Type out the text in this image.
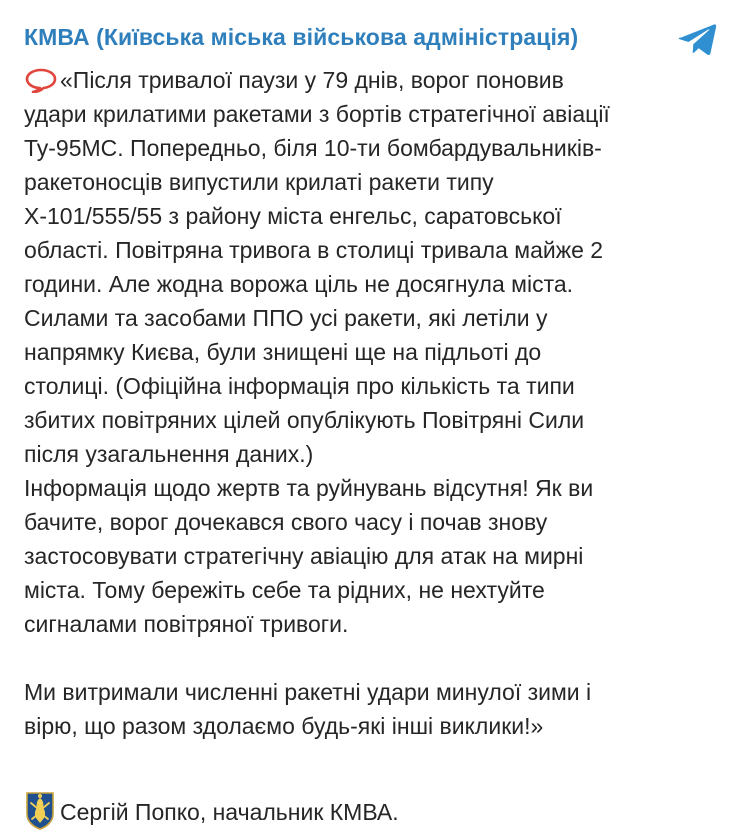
КМВА (Київська міська військова адміністрація)
«Після тривалої паузи у 79 днів, ворог поновив
удари крилатими ракетами з бортів стратегічної авіації
Ту-95МС. Попередньо, біля 10-ти бомбардувальників-
ракетоносців випустили крилаті ракети типу
Х-101/555/55 з району міста енгельс, саратовської
області. Повітряна тривога в столиці тривала майже 2
години. Але жодна ворожа ціль не досягнула міста.
Силами та засобами ППО усі ракети, які летіли у
напрямку Києва, були знищені ще на підльоті до
столиці. (Офіційна інформація про кількість та типи
збитих повітряних цілей опублікують Повітряні Сили
після узагальнення даних.)
Інформація щодо жертв та руйнувань відсутня! Як ви
бачите, ворог дочекався свого часу і почав знову
застосовувати стратегічну авіацію для атак на мирні
міста. Тому бережіть себе та рідних, не нехтуйте
сигналами повітряної тривоги.
Ми витримали численні ракетні удари минулої зими і
вірю, що разом здолаємо будь-які інші виклики!»
Сергій Попко, начальник КМВА.
